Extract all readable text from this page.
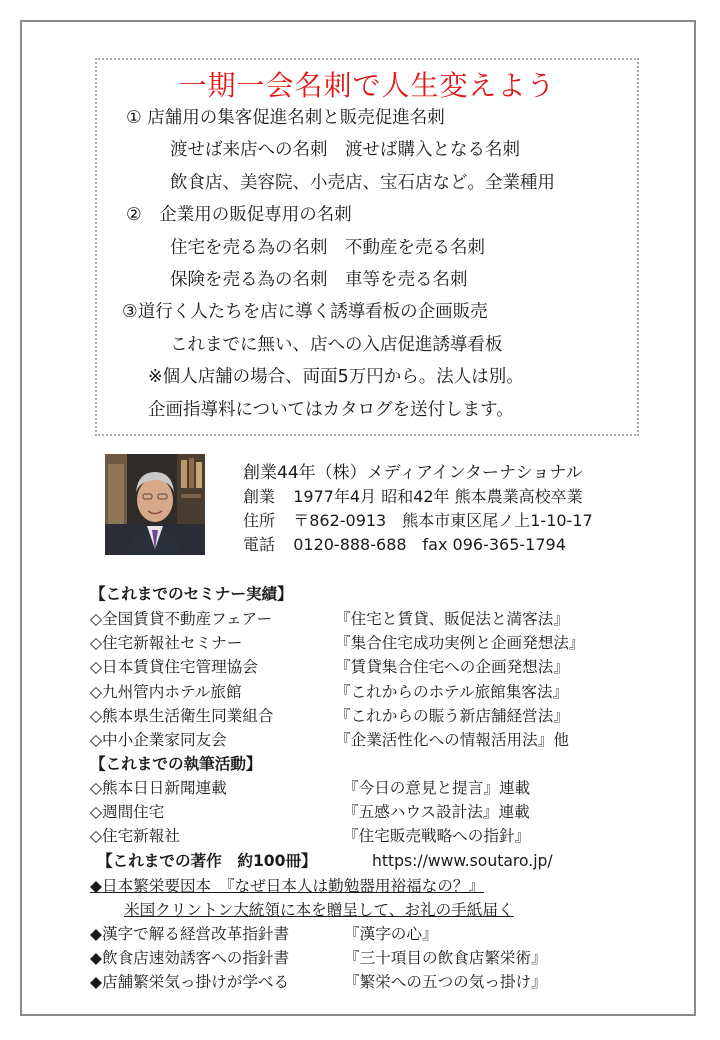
一期一会名刺で人生変えよう
① 店舗用の集客促進名刺と販売促進名刺
渡せば来店への名刺　渡せば購入となる名刺
飲食店、美容院、小売店、宝石店など。全業種用
②　企業用の販促専用の名刺
住宅を売る為の名刺　不動産を売る名刺
保険を売る為の名刺　車等を売る名刺
③道行く人たちを店に導く誘導看板の企画販売
これまでに無い、店への入店促進誘導看板
※個人店舗の場合、両面5万円から。法人は別。
企画指導料についてはカタログを送付します。
創業44年（株）メディアインターナショナル
創業 1977年4月 昭和42年 熊本農業高校卒業
住所 〒862-0913　熊本市東区尾ノ上1-10-17
電話 0120-888-688　fax 096-365-1794
【これまでのセミナー実績】
◇全国賃貸不動産フェアー	『住宅と賃貸、販促法と満客法』
◇住宅新報社セミナー	『集合住宅成功実例と企画発想法』
◇日本賃貸住宅管理協会	『賃貸集合住宅への企画発想法』
◇九州管内ホテル旅館	『これからのホテル旅館集客法』
◇熊本県生活衛生同業組合	『これからの賑う新店舗経営法』
◇中小企業家同友会	『企業活性化への情報活用法』他
【これまでの執筆活動】
◇熊本日日新聞連載	『今日の意見と提言』連載
◇週間住宅	『五感ハウス設計法』連載
◇住宅新報社	『住宅販売戦略への指針』
【これまでの著作　約100冊】	https://www.soutaro.jp/
◆日本繁栄要因本　『なぜ日本人は勤勉器用裕福なの？』
米国クリントン大統領に本を贈呈して、お礼の手紙届く
◆漢字で解る経営改革指針書	『漢字の心』
◆飲食店速効誘客への指針書	『三十項目の飲食店繁栄術』
◆店舗繁栄気っ掛けが学べる	『繁栄への五つの気っ掛け』
